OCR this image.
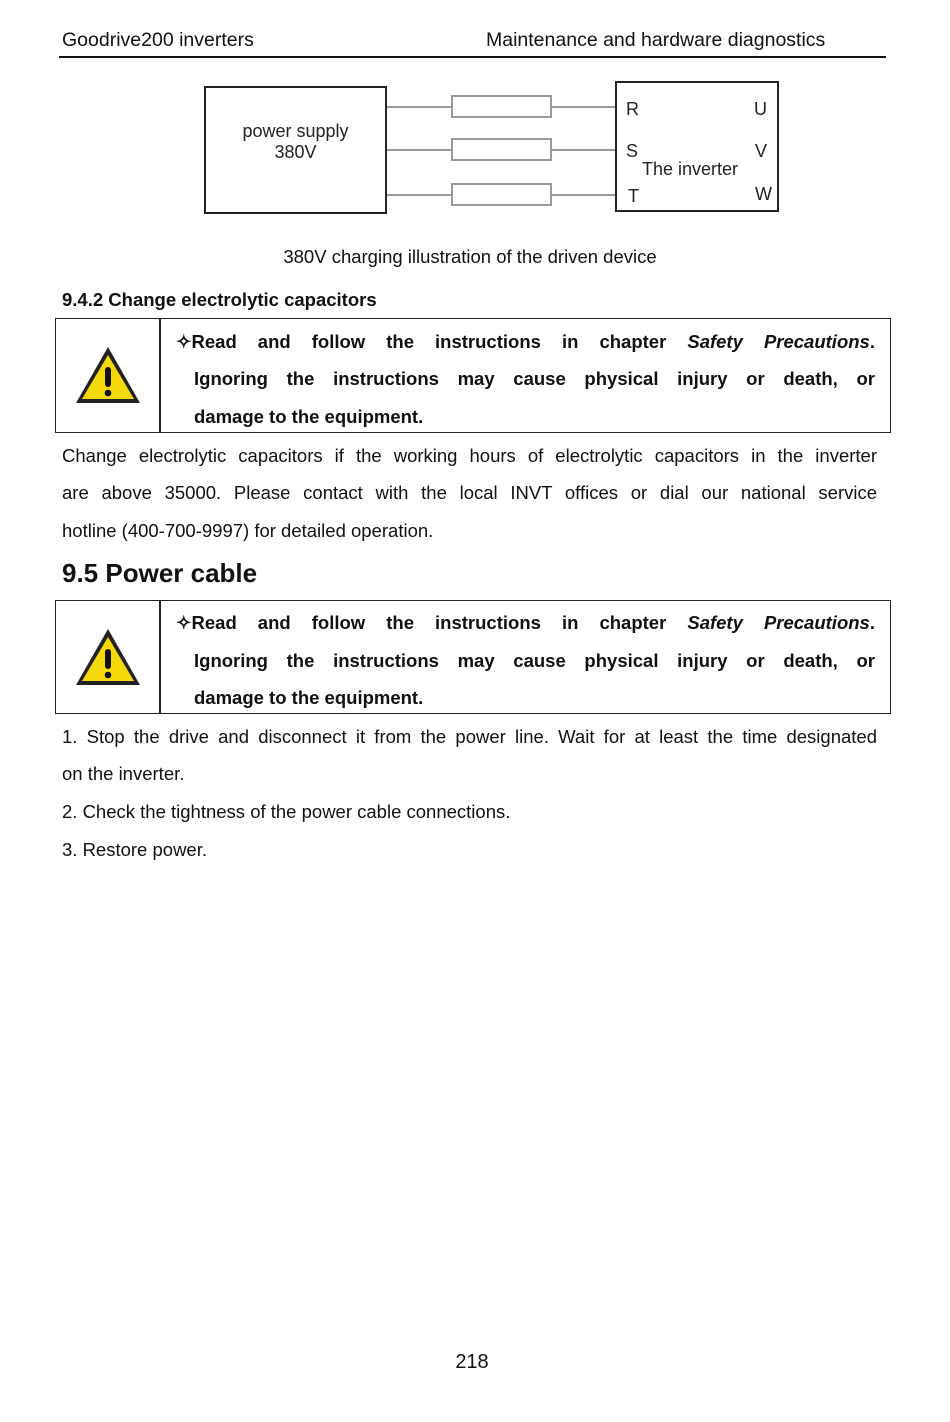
Goodrive200 inverters	Maintenance and hardware diagnostics
power supply
380V
R
S
T
U
V
W
The inverter
380V charging illustration of the driven device
9.4.2 Change electrolytic capacitors
✧Read and follow the instructions in chapter Safety Precautions.
Ignoring the instructions may cause physical injury or death, or
damage to the equipment.
Change electrolytic capacitors if the working hours of electrolytic capacitors in the inverter
are above 35000. Please contact with the local INVT offices or dial our national service
hotline (400-700-9997) for detailed operation.
9.5 Power cable
✧Read and follow the instructions in chapter Safety Precautions.
Ignoring the instructions may cause physical injury or death, or
damage to the equipment.
1. Stop the drive and disconnect it from the power line. Wait for at least the time designated
on the inverter.
2. Check the tightness of the power cable connections.
3. Restore power.
218
